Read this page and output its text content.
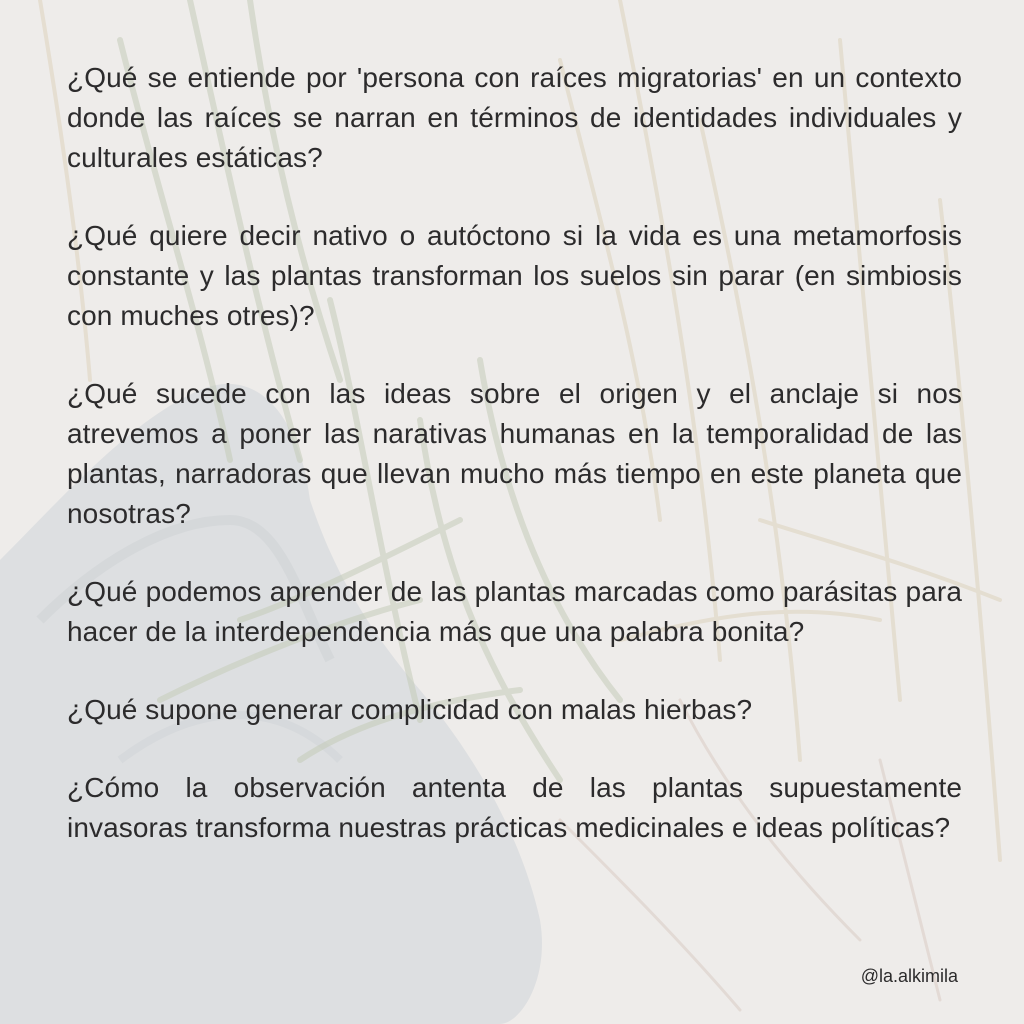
¿Qué se entiende por 'persona con raíces migratorias' en un contexto donde las raíces se narran en términos de identidades individuales y culturales estáticas?

¿Qué quiere decir nativo o autóctono si la vida es una metamorfosis constante y las plantas transforman los suelos sin parar (en simbiosis con muches otres)?

¿Qué sucede con las ideas sobre el origen y el anclaje si nos atrevemos a poner las narativas humanas en la temporalidad de las plantas, narradoras que llevan mucho más tiempo en este planeta que nosotras?

¿Qué podemos aprender de las plantas marcadas como parásitas para hacer de la interdependencia más que una palabra bonita?

¿Qué supone generar complicidad con malas hierbas?

¿Cómo la observación antenta de las plantas supuestamente invasoras transforma nuestras prácticas medicinales e ideas políticas?

@la.alkimila
